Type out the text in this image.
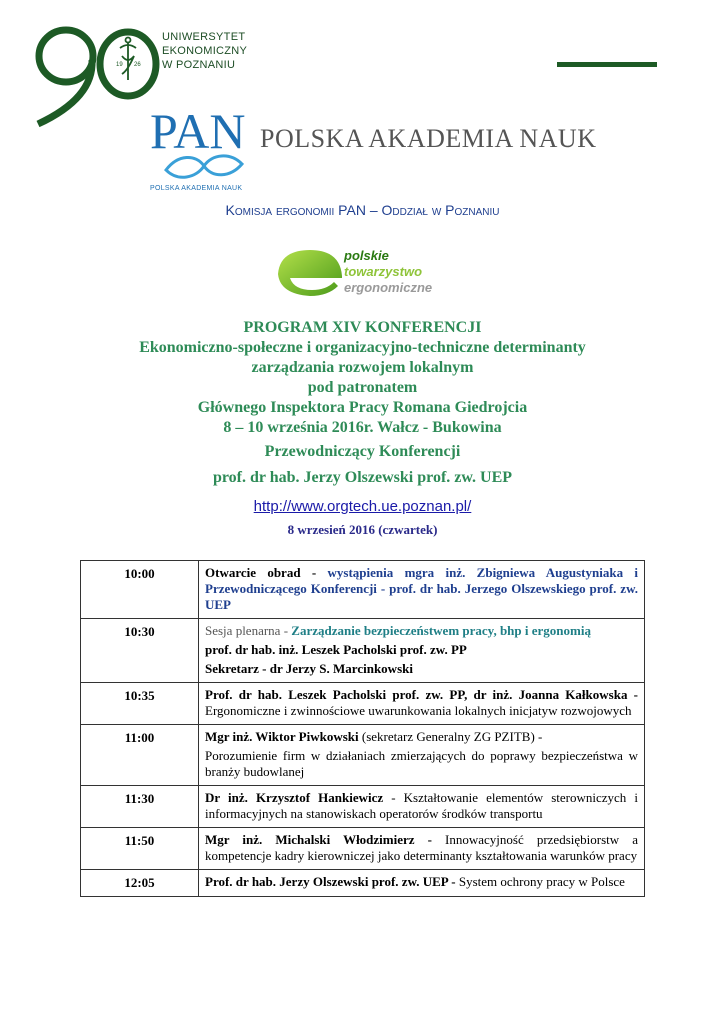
19 26
UNIWERSYTET
EKONOMICZNY
W POZNANIU
PAN POLSKA AKADEMIA NAUK
POLSKA AKADEMIA NAUK
Komisja ergonomii PAN – Oddział w Poznaniu
polskie
towarzystwo
ergonomiczne
PROGRAM XIV KONFERENCJI
Ekonomiczno-społeczne i organizacyjno-techniczne determinanty
zarządzania rozwojem lokalnym
pod patronatem
Głównego Inspektora Pracy Romana Giedrojcia
8 – 10 września 2016r. Wałcz - Bukowina
Przewodniczący Konferencji
prof. dr hab. Jerzy Olszewski prof. zw. UEP
http://www.orgtech.ue.poznan.pl/
8 wrzesień 2016 (czwartek)
10:00	Otwarcie obrad - wystąpienia mgra inż. Zbigniewa Augustyniaka i Przewodniczącego Konferencji - prof. dr hab. Jerzego Olszewskiego prof. zw. UEP
10:30	Sesja plenarna - Zarządzanie bezpieczeństwem pracy, bhp i ergonomią

prof. dr hab. inż. Leszek Pacholski prof. zw. PP

Sekretarz - dr Jerzy S. Marcinkowski

10:35	Prof. dr hab. Leszek Pacholski prof. zw. PP, dr inż. Joanna Kałkowska - Ergonomiczne i zwinnościowe uwarunkowania lokalnych inicjatyw rozwojowych
11:00	Mgr inż. Wiktor Piwkowski (sekretarz Generalny ZG PZITB) -

Porozumienie firm w działaniach zmierzających do poprawy bezpieczeństwa w branży budowlanej

11:30	Dr inż. Krzysztof Hankiewicz - Kształtowanie elementów sterowniczych i informacyjnych na stanowiskach operatorów środków transportu
11:50	Mgr inż. Michalski Włodzimierz - Innowacyjność przedsiębiorstw a kompetencje kadry kierowniczej jako determinanty kształtowania warunków pracy
12:05	Prof. dr hab. Jerzy Olszewski prof. zw. UEP - System ochrony pracy w Polsce
